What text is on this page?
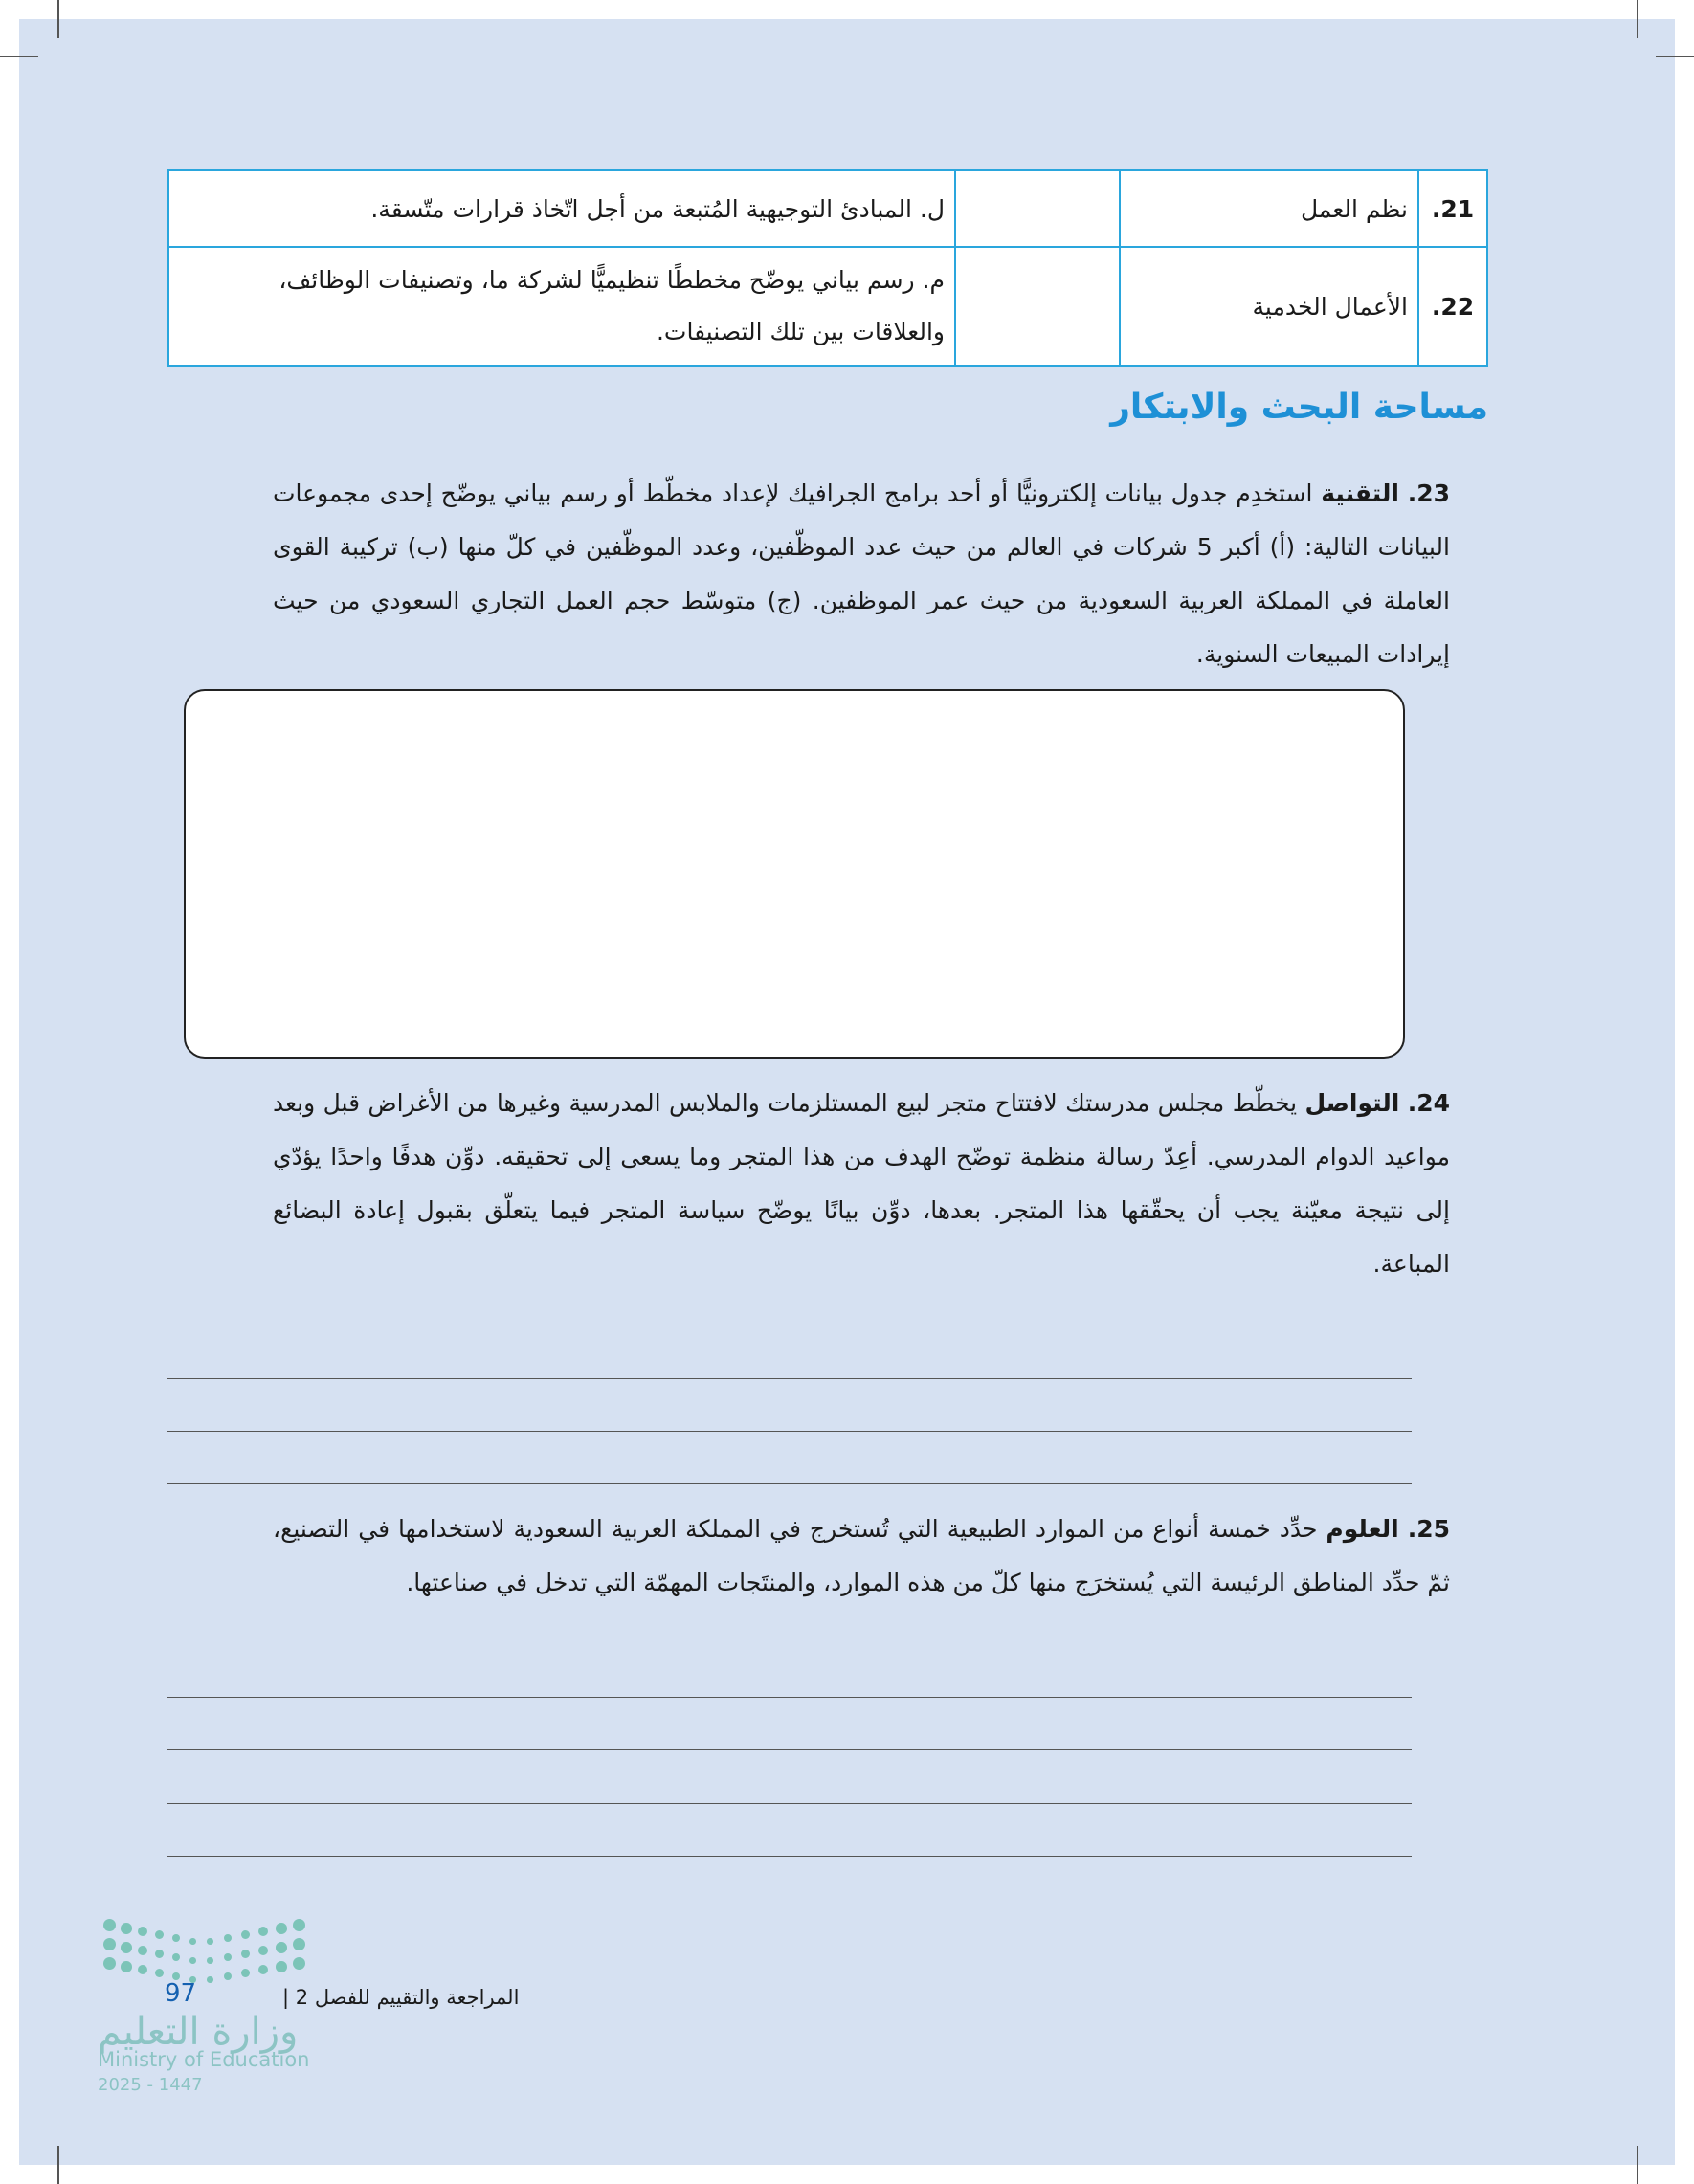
21.	نظم العمل		ل. المبادئ التوجيهية المُتبعة من أجل اتّخاذ قرارات متّسقة.
22.	الأعمال الخدمية		م. رسم بياني يوضّح مخططًا تنظيميًّا لشركة ما، وتصنيفات الوظائف، والعلاقات بين تلك التصنيفات.
مساحة البحث والابتكار
23. التقنية استخدِم جدول بيانات إلكترونيًّا أو أحد برامج الجرافيك لإعداد مخطّط أو رسم بياني يوضّح إحدى مجموعات البيانات التالية: (أ) أكبر 5 شركات في العالم من حيث عدد الموظّفين، وعدد الموظّفين في كلّ منها (ب) تركيبة القوى العاملة في المملكة العربية السعودية من حيث عمر الموظفين. (ج) متوسّط حجم العمل التجاري السعودي من حيث إيرادات المبيعات السنوية.
24. التواصل يخطّط مجلس مدرستك لافتتاح متجر لبيع المستلزمات والملابس المدرسية وغيرها من الأغراض قبل وبعد مواعيد الدوام المدرسي. أعِدّ رسالة منظمة توضّح الهدف من هذا المتجر وما يسعى إلى تحقيقه. دوِّن هدفًا واحدًا يؤدّي إلى نتيجة معيّنة يجب أن يحقّقها هذا المتجر. بعدها، دوِّن بيانًا يوضّح سياسة المتجر فيما يتعلّق بقبول إعادة البضائع المباعة.
25. العلوم حدِّد خمسة أنواع من الموارد الطبيعية التي تُستخرج في المملكة العربية السعودية لاستخدامها في التصنيع، ثمّ حدِّد المناطق الرئيسة التي يُستخرَج منها كلّ من هذه الموارد، والمنتَجات المهمّة التي تدخل في صناعتها.
97	المراجعة والتقييم للفصل 2 |
وزارة التعليم
Ministry of Education
2025 - 1447
